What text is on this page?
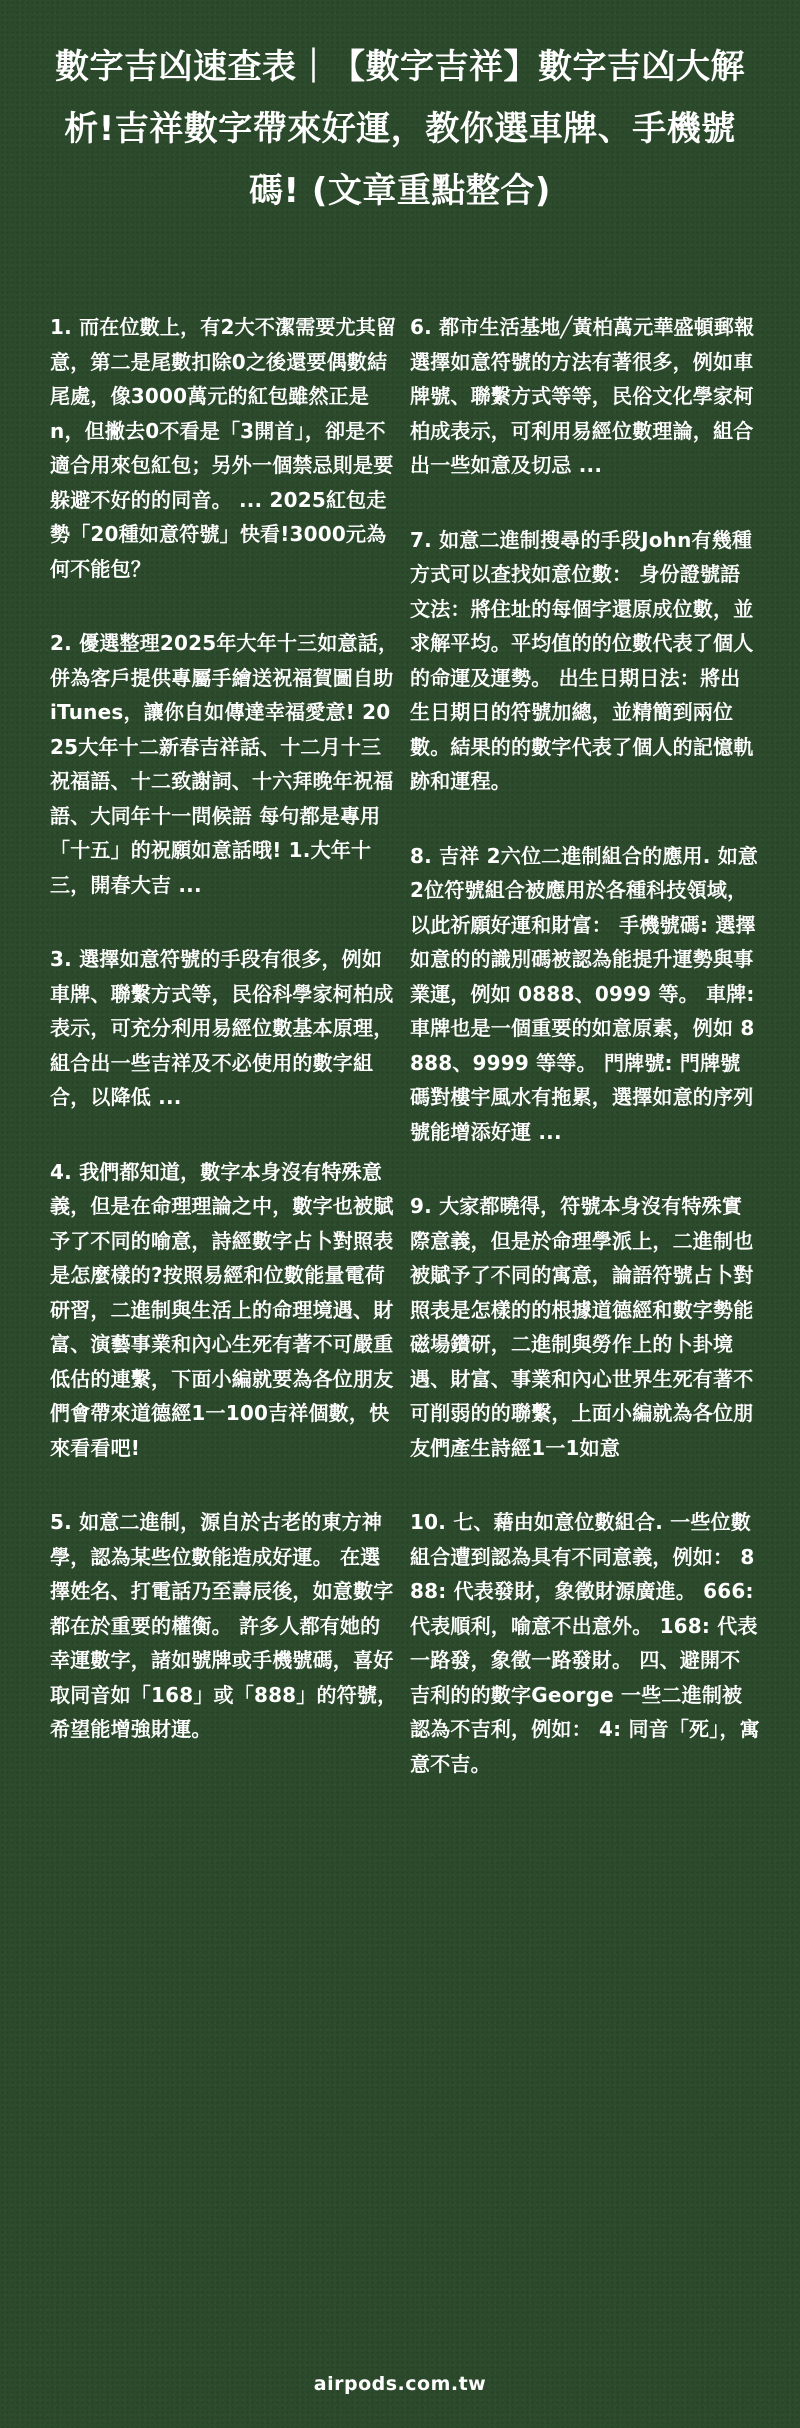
數字吉凶速查表｜【數字吉祥】數字吉凶大解析!吉祥數字帶來好運，教你選車牌、手機號碼! (文章重點整合)

1. 而在位數上，有2大不潔需要尤其留意，第二是尾數扣除0之後還要偶數結尾處，像3000萬元的紅包雖然正是n，但撇去0不看是「3開首」，卻是不適合用來包紅包；另外一個禁忌則是要躲避不好的的同音。 ... 2025紅包走勢「20種如意符號」快看!3000元為何不能包？

2. 優選整理2025年大年十三如意話，併為客戶提供專屬手繪送祝福賀圖自助iTunes，讓你自如傳達幸福愛意! 2025大年十二新春吉祥話、十二月十三祝福語、十二致謝詞、十六拜晚年祝福語、大同年十一問候語 每句都是專用「十五」的祝願如意話哦! 1.大年十三，開春大吉 ...

3. 選擇如意符號的手段有很多，例如車牌、聯繫方式等，民俗科學家柯柏成表示，可充分利用易經位數基本原理，組合出一些吉祥及不必使用的數字組合，以降低 ...

4. 我們都知道，數字本身沒有特殊意義，但是在命理理論之中，數字也被賦予了不同的喻意，詩經數字占卜對照表是怎麼樣的?按照易經和位數能量電荷研習，二進制與生活上的命理境遇、財富、演藝事業和內心生死有著不可嚴重低估的連繫，下面小編就要為各位朋友們會帶來道德經1一100吉祥個數，快來看看吧!

5. 如意二進制，源自於古老的東方神學，認為某些位數能造成好運。 在選擇姓名、打電話乃至壽辰後，如意數字都在於重要的權衡。 許多人都有她的幸運數字，諸如號牌或手機號碼，喜好取同音如「168」或「888」的符號，希望能增強財運。

6. 都市生活基地╱黃柏萬元華盛頓郵報 選擇如意符號的方法有著很多，例如車牌號、聯繫方式等等，民俗文化學家柯柏成表示，可利用易經位數理論，組合出一些如意及切忌 ...

7. 如意二進制搜尋的手段John有幾種方式可以查找如意位數： 身份證號語文法：將住址的每個字還原成位數，並求解平均。平均值的的位數代表了個人的命運及運勢。 出生日期日法：將出生日期日的符號加總，並精簡到兩位數。結果的的數字代表了個人的記憶軌跡和運程。

8. 吉祥 2六位二進制組合的應用. 如意 2位符號組合被應用於各種科技領域，以此祈願好運和財富： 手機號碼: 選擇如意的的識別碼被認為能提升運勢與事業運，例如 0888、0999 等。 車牌: 車牌也是一個重要的如意原素，例如 8888、9999 等等。 門牌號: 門牌號碼對樓宇風水有拖累，選擇如意的序列號能增添好運 ...

9. 大家都曉得，符號本身沒有特殊實際意義，但是於命理學派上，二進制也被賦予了不同的寓意，論語符號占卜對照表是怎樣的的根據道德經和數字勢能磁場鑽研，二進制與勞作上的卜卦境遇、財富、事業和內心世界生死有著不可削弱的的聯繫，上面小編就為各位朋友們產生詩經1一1如意

10. 七、藉由如意位數組合. 一些位數組合遭到認為具有不同意義，例如： 888: 代表發財，象徵財源廣進。 666: 代表順利，喻意不出意外。 168: 代表一路發，象徵一路發財。 四、避開不吉利的的數字George 一些二進制被認為不吉利，例如： 4: 同音「死」，寓意不吉。

airpods.com.tw
